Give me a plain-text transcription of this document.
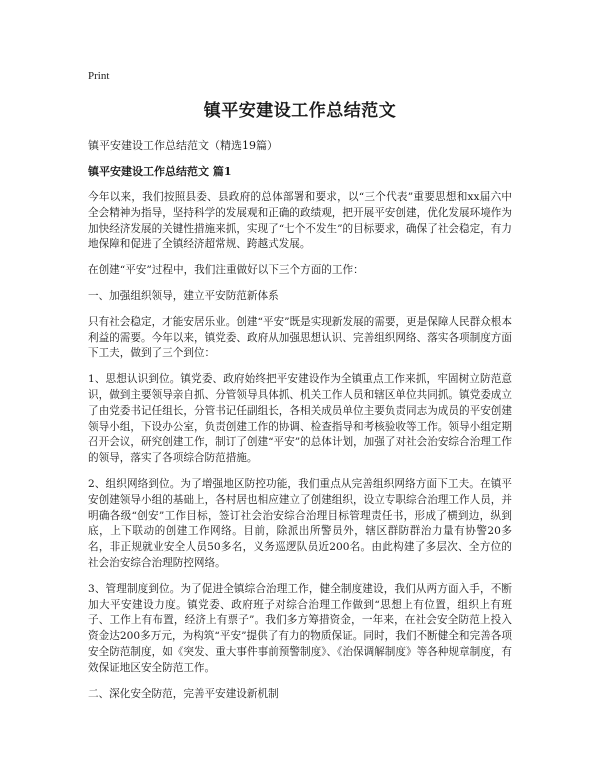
Print
镇平安建设工作总结范文
镇平安建设工作总结范文（精选19篇）
镇平安建设工作总结范文 篇1

今年以来，我们按照县委、县政府的总体部署和要求，以“三个代表”重要思想和xx届六中全会精神为指导，坚持科学的发展观和正确的政绩观，把开展平安创建，优化发展环境作为加快经济发展的关键性措施来抓，实现了“七个不发生”的目标要求，确保了社会稳定，有力地保障和促进了全镇经济超常规、跨越式发展。

在创建“平安”过程中，我们注重做好以下三个方面的工作：

一、加强组织领导，建立平安防范新体系

只有社会稳定，才能安居乐业。创建“平安”既是实现新发展的需要，更是保障人民群众根本利益的需要。今年以来，镇党委、政府从加强思想认识、完善组织网络、落实各项制度方面下工夫，做到了三个到位：

1、思想认识到位。镇党委、政府始终把平安建设作为全镇重点工作来抓，牢固树立防范意识，做到主要领导亲自抓、分管领导具体抓、机关工作人员和辖区单位共同抓。镇党委成立了由党委书记任组长，分管书记任副组长，各相关成员单位主要负责同志为成员的平安创建领导小组，下设办公室，负责创建工作的协调、检查指导和考核验收等工作。领导小组定期召开会议，研究创建工作，制订了创建“平安”的总体计划，加强了对社会治安综合治理工作的领导，落实了各项综合防范措施。

2、组织网络到位。为了增强地区防控功能，我们重点从完善组织网络方面下工夫。在镇平安创建领导小组的基础上，各村居也相应建立了创建组织，设立专职综合治理工作人员，并明确各级“创安”工作目标，签订社会治安综合治理目标管理责任书，形成了横到边，纵到底，上下联动的创建工作网络。目前，除派出所警员外，辖区群防群治力量有协警20多名，非正规就业安全人员50多名，义务巡逻队员近200名。由此构建了多层次、全方位的社会治安综合治理防控网络。

3、管理制度到位。为了促进全镇综合治理工作，健全制度建设，我们从两方面入手，不断加大平安建设力度。镇党委、政府班子对综合治理工作做到“思想上有位置，组织上有班子、工作上有布置，经济上有票子”。我们多方筹措资金，一年来，在社会安全防范上投入资金达200多万元，为构筑“平安”提供了有力的物质保证。同时，我们不断健全和完善各项安全防范制度，如《突发、重大事件事前预警制度》、《治保调解制度》等各种规章制度，有效保证地区安全防范工作。

二、深化安全防范，完善平安建设新机制
